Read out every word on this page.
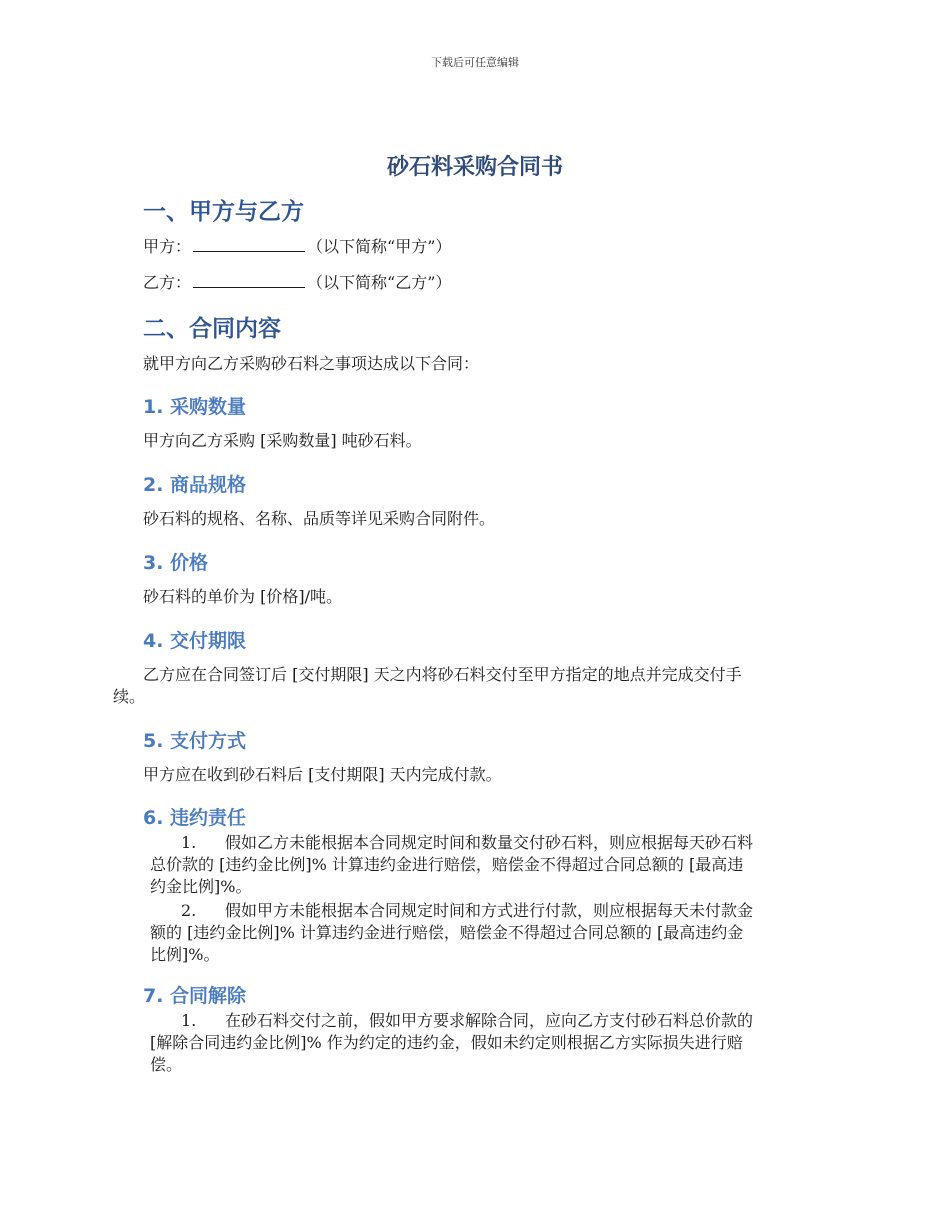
下载后可任意编辑
砂石料采购合同书
一、甲方与乙方
甲方：	（以下简称“甲方”）
乙方：	（以下简称“乙方”）
二、合同内容
就甲方向乙方采购砂石料之事项达成以下合同：
1. 采购数量
甲方向乙方采购 [采购数量] 吨砂石料。
2. 商品规格
砂石料的规格、名称、品质等详见采购合同附件。
3. 价格
砂石料的单价为 [价格]/吨。
4. 交付期限
乙方应在合同签订后 [交付期限] 天之内将砂石料交付至甲方指定的地点并完成交付手
续。
5. 支付方式
甲方应在收到砂石料后 [支付期限] 天内完成付款。
6. 违约责任
1. 假如乙方未能根据本合同规定时间和数量交付砂石料，则应根据每天砂石料
总价款的 [违约金比例]% 计算违约金进行赔偿，赔偿金不得超过合同总额的 [最高违
约金比例]%。
2. 假如甲方未能根据本合同规定时间和方式进行付款，则应根据每天未付款金
额的 [违约金比例]% 计算违约金进行赔偿，赔偿金不得超过合同总额的 [最高违约金
比例]%。
7. 合同解除
1. 在砂石料交付之前，假如甲方要求解除合同，应向乙方支付砂石料总价款的
[解除合同违约金比例]% 作为约定的违约金，假如未约定则根据乙方实际损失进行赔
偿。
